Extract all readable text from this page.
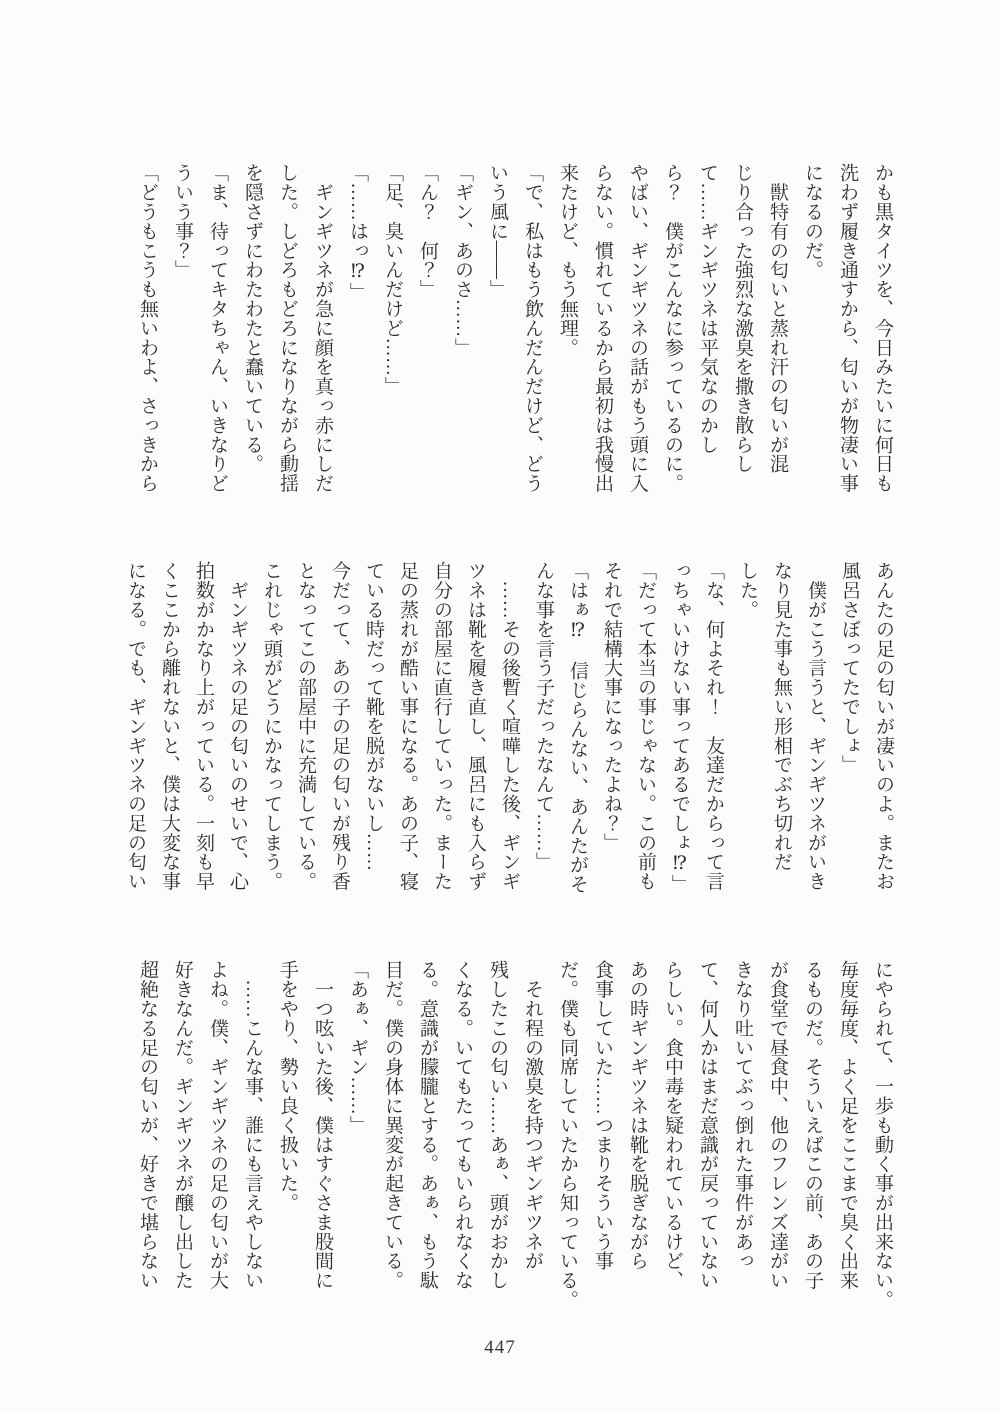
かも黒タイツを、今日みたいに何日も

洗わず履き通すから、匂いが物凄い事

になるのだ。

　獣特有の匂いと蒸れ汗の匂いが混

じり合った強烈な激臭を撒き散らし

て……ギンギツネは平気なのかし

ら？　僕がこんなに参っているのに。

やばい、ギンギツネの話がもう頭に入

らない。慣れているから最初は我慢出

来たけど、もう無理。

「で、私はもう飲んだんだけど、どう

いう風に――」

「ギン、あのさ……」

「ん？　何？」

「足、臭いんだけど……」

「……はっ⁉」

　ギンギツネが急に顔を真っ赤にしだ

した。しどろもどろになりながら動揺

を隠さずにわたわたと蠢いている。

「ま、待ってキタちゃん、いきなりど

ういう事？」

「どうもこうも無いわよ、さっきから

あんたの足の匂いが凄いのよ。またお

風呂さぼってたでしょ」

　僕がこう言うと、ギンギツネがいき

なり見た事も無い形相でぶち切れだ

した。

「な、何よそれ！　友達だからって言

っちゃいけない事ってあるでしょ⁉」

「だって本当の事じゃない。この前も

それで結構大事になったよね？」

「はぁ⁉　信じらんない、あんたがそ

んな事を言う子だったなんて……」

　……その後暫く喧嘩した後、ギンギ

ツネは靴を履き直し、風呂にも入らず

自分の部屋に直行していった。まーた

足の蒸れが酷い事になる。あの子、寝

ている時だって靴を脱がないし……

今だって、あの子の足の匂いが残り香

となってこの部屋中に充満している。

これじゃ頭がどうにかなってしまう。

　ギンギツネの足の匂いのせいで、心

拍数がかなり上がっている。一刻も早

くここから離れないと、僕は大変な事

になる。でも、ギンギツネの足の匂い

にやられて、一歩も動く事が出来ない。

毎度毎度、よく足をここまで臭く出来

るものだ。そういえばこの前、あの子

が食堂で昼食中、他のフレンズ達がい

きなり吐いてぶっ倒れた事件があっ

て、何人かはまだ意識が戻っていない

らしい。食中毒を疑われているけど、

あの時ギンギツネは靴を脱ぎながら

食事していた……つまりそういう事

だ。僕も同席していたから知っている。

　それ程の激臭を持つギンギツネが

残したこの匂い……あぁ、頭がおかし

くなる。いてもたってもいられなくな

る。意識が朦朧とする。あぁ、もう駄

目だ。僕の身体に異変が起きている。

「あぁ、ギン……」

　一つ呟いた後、僕はすぐさま股間に

手をやり、勢い良く扱いた。

　……こんな事、誰にも言えやしない

よね。僕、ギンギツネの足の匂いが大

好きなんだ。ギンギツネが醸し出した

超絶なる足の匂いが、好きで堪らない

447
